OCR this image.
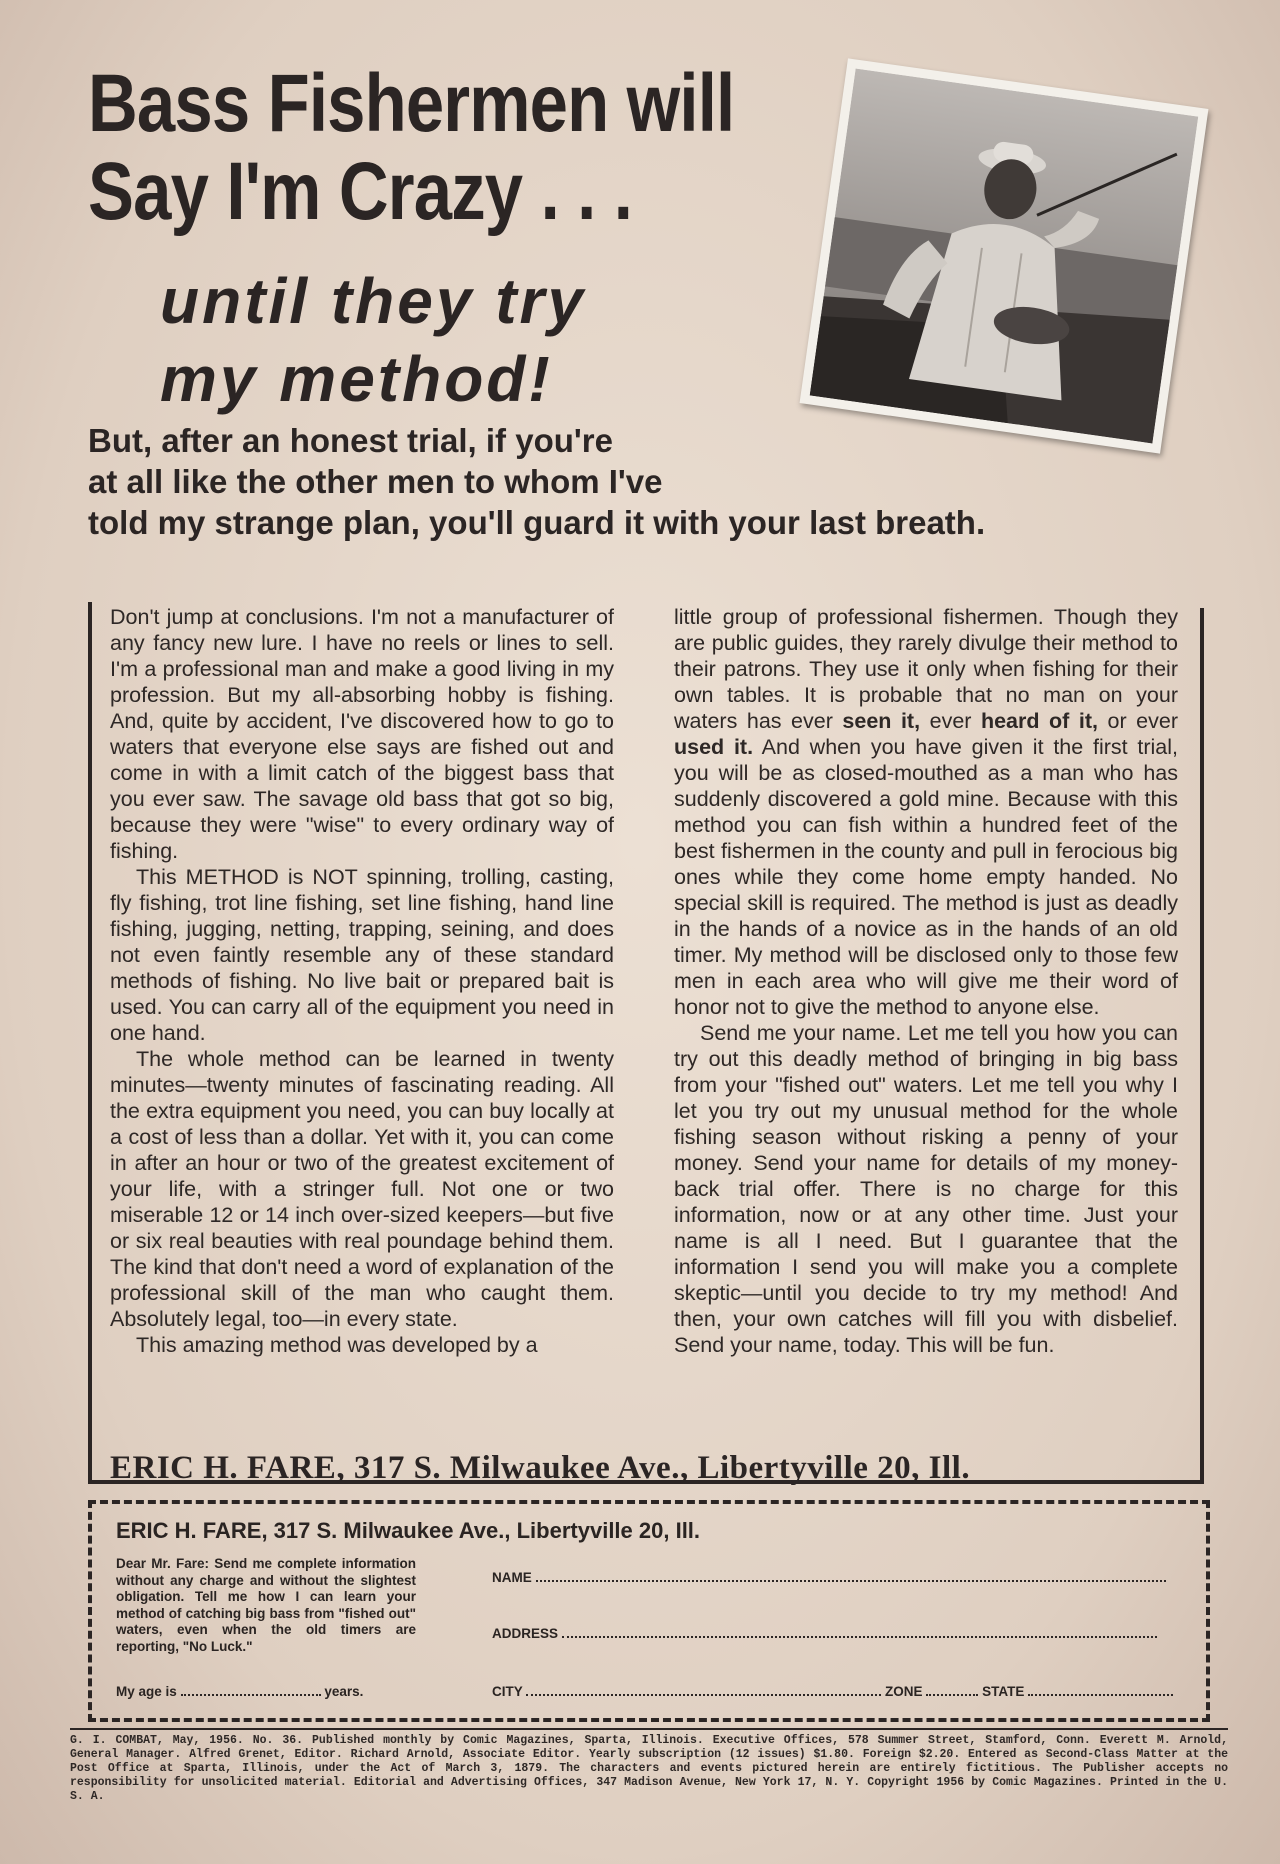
Bass Fishermen will
Say I'm Crazy . . .
until they try
my method!
But, after an honest trial, if you're
at all like the other men to whom I've
told my strange plan, you'll guard it with your last breath.

Don't jump at conclusions. I'm not a manufacturer of any fancy new lure. I have no reels or lines to sell. I'm a professional man and make a good living in my profession. But my all-absorbing hobby is fishing. And, quite by accident, I've discovered how to go to waters that everyone else says are fished out and come in with a limit catch of the biggest bass that you ever saw. The savage old bass that got so big, because they were "wise" to every ordinary way of fishing.

This METHOD is NOT spinning, trolling, casting, fly fishing, trot line fishing, set line fishing, hand line fishing, jugging, netting, trapping, seining, and does not even faintly resemble any of these standard methods of fishing. No live bait or prepared bait is used. You can carry all of the equipment you need in one hand.

The whole method can be learned in twenty minutes—twenty minutes of fascinating reading. All the extra equipment you need, you can buy locally at a cost of less than a dollar. Yet with it, you can come in after an hour or two of the greatest excitement of your life, with a stringer full. Not one or two miserable 12 or 14 inch over-sized keepers—but five or six real beauties with real poundage behind them. The kind that don't need a word of explanation of the professional skill of the man who caught them. Absolutely legal, too—in every state.

This amazing method was developed by a

little group of professional fishermen. Though they are public guides, they rarely divulge their method to their patrons. They use it only when fishing for their own tables. It is probable that no man on your waters has ever seen it, ever heard of it, or ever used it. And when you have given it the first trial, you will be as closed-mouthed as a man who has suddenly discovered a gold mine. Because with this method you can fish within a hundred feet of the best fishermen in the county and pull in ferocious big ones while they come home empty handed. No special skill is required. The method is just as deadly in the hands of a novice as in the hands of an old timer. My method will be disclosed only to those few men in each area who will give me their word of honor not to give the method to anyone else.

Send me your name. Let me tell you how you can try out this deadly method of bringing in big bass from your "fished out" waters. Let me tell you why I let you try out my unusual method for the whole fishing season without risking a penny of your money. Send your name for details of my money-back trial offer. There is no charge for this information, now or at any other time. Just your name is all I need. But I guarantee that the information I send you will make you a complete skeptic—until you decide to try my method! And then, your own catches will fill you with disbelief. Send your name, today. This will be fun.

ERIC H. FARE, 317 S. Milwaukee Ave., Libertyville 20, Ill.
ERIC H. FARE, 317 S. Milwaukee Ave., Libertyville 20, Ill.
Dear Mr. Fare: Send me complete information without any charge and without the slightest obligation. Tell me how I can learn your method of catching big bass from "fished out" waters, even when the old timers are reporting, "No Luck."
My age is	years.
NAME
ADDRESS
CITY	ZONE	STATE
G. I. COMBAT, May, 1956. No. 36. Published monthly by Comic Magazines, Sparta, Illinois. Executive Offices, 578 Summer Street, Stamford, Conn. Everett M. Arnold, General Manager. Alfred Grenet, Editor. Richard Arnold, Associate Editor. Yearly subscription (12 issues) $1.80. Foreign $2.20. Entered as Second-Class Matter at the Post Office at Sparta, Illinois, under the Act of March 3, 1879. The characters and events pictured herein are entirely fictitious. The Publisher accepts no responsibility for unsolicited material. Editorial and Advertising Offices, 347 Madison Avenue, New York 17, N. Y. Copyright 1956 by Comic Magazines. Printed in the U. S. A.
